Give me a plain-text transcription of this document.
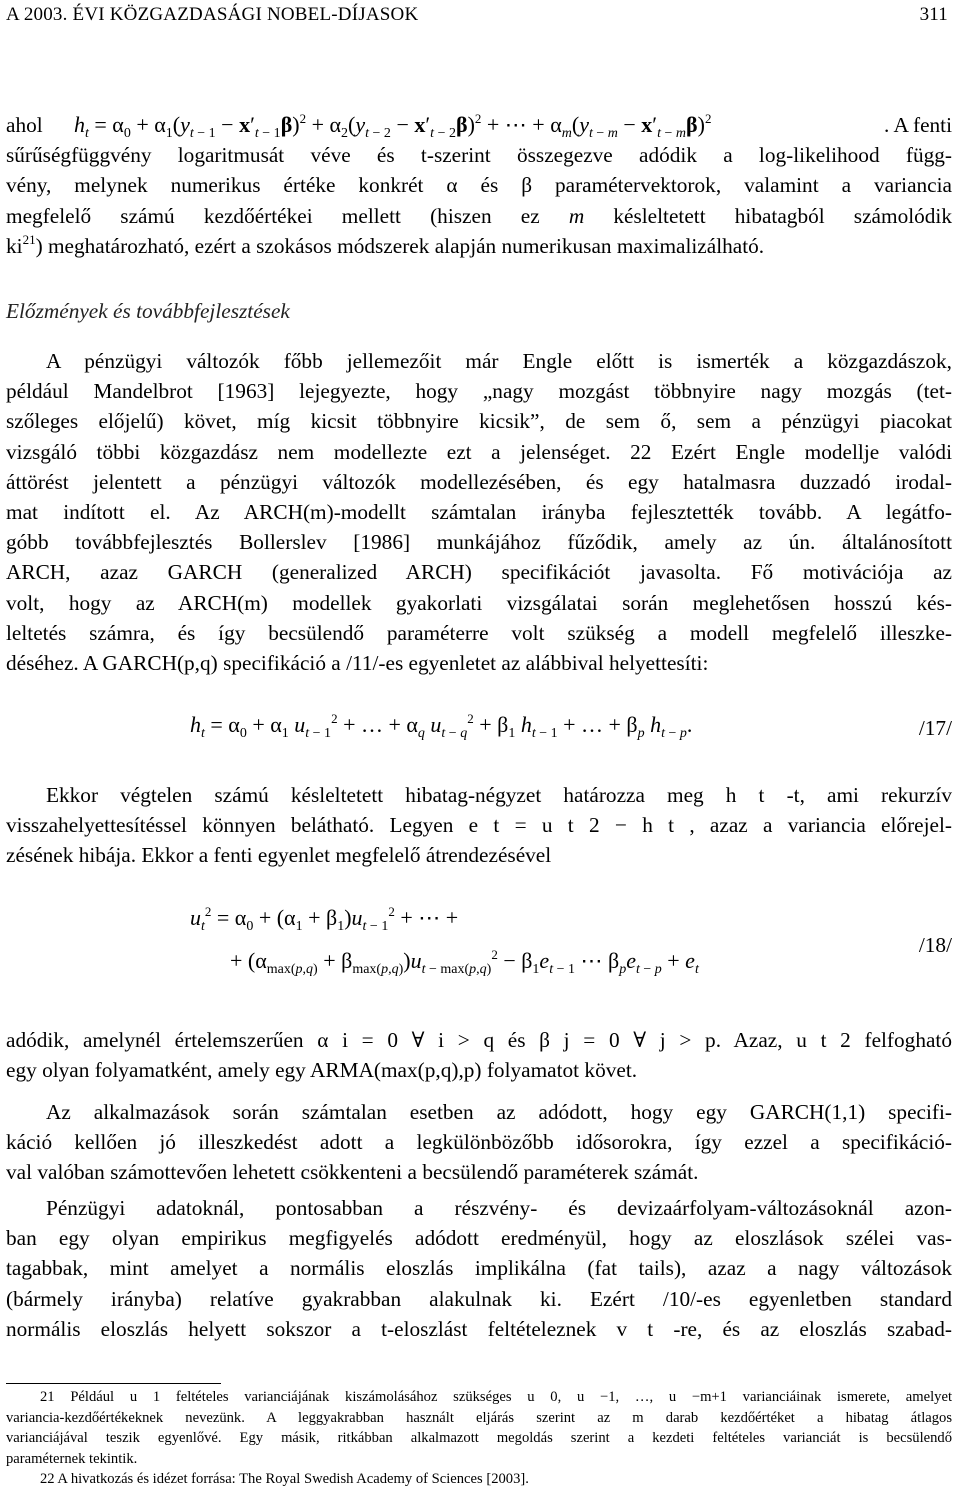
A 2003. ÉVI KÖZGAZDASÁGI NOBEL-DÍJASOK	311
ahol $h_t = \alpha_0 + \alpha_1(y_{t - 1} - x'_{t - 1}\beta)^2 + \alpha_2(y_{t - 2} - x'_{t - 2}\beta)^2$ + ⋯ + $\alpha_m(y_{t - m} - x'_{t - m}\beta)^2$	. A fenti
sűrűségfüggvény logaritmusát véve és t-szerint összegezve adódik a log-likelihood függ-
vény, melynek numerikus értéke konkrét α és β paramétervektorok, valamint a variancia
megfelelő számú kezdőértékei mellett (hiszen ez m késleltetett hibatagból számolódik
$ki^{21}$) meghatározható, ezért a szokásos módszerek alapján numerikusan maximalizálható.
Előzmények és továbbfejlesztések
A pénzügyi változók főbb jellemezőit már Engle előtt is ismerték a közgazdászok,
például Mandelbrot [1963] lejegyezte, hogy „nagy mozgást többnyire nagy mozgás (tet-
szőleges előjelű) követ, míg kicsit többnyire kicsik”, de sem ő, sem a pénzügyi piacokat
vizsgáló többi közgazdász nem modellezte ezt a jelenséget. 22 Ezért Engle modellje valódi
áttörést jelentett a pénzügyi változók modellezésében, és egy hatalmasra duzzadó irodal-
mat indított el. Az ARCH(m)-modellt számtalan irányba fejlesztették tovább. A legátfo-
góbb továbbfejlesztés Bollerslev [1986] munkájához fűződik, amely az ún. általánosított
ARCH, azaz GARCH (generalized ARCH) specifikációt javasolta. Fő motivációja az
volt, hogy az ARCH(m) modellek gyakorlati vizsgálatai során meglehetősen hosszú kés-
leltetés számra, és így becsülendő paraméterre volt szükség a modell megfelelő illeszke-
déséhez. A GARCH(p,q) specifikáció a /11/-es egyenletet az alábbival helyettesíti:
$h_t = \alpha_0 + \alpha_1$ $u_{t - 1}^2$ + … + $\alpha_q$ $u_{t - q}^2 + \beta_1$ $h_{t - 1}$ + … + $\beta_p$ $h_{t - p}$.	/17/
Ekkor végtelen számú késleltetett hibatag-négyzet határozza meg h t -t, ami rekurzív
visszahelyettesítéssel könnyen belátható. Legyen e t = u t 2 − h t , azaz a variancia előrejel-
zésének hibája. Ekkor a fenti egyenlet megfelelő átrendezésével
$u_t^2 = \alpha_0 + (\alpha_1 + \beta_1)u_{t - 1}^2$ + ⋯ +
+ $(\alpha_{max(p,q)} + \beta_{max(p,q)})u_{t - max(p,q)}^2 - \beta_1e_{t - 1}$ ⋯ $\beta_pe_{t - p} + e_t$
/18/
adódik, amelynél értelemszerűen α i = 0 ∀ i > q és β j = 0 ∀ j > p. Azaz, u t 2 felfogható
egy olyan folyamatként, amely egy ARMA(max(p,q),p) folyamatot követ.
Az alkalmazások során számtalan esetben az adódott, hogy egy GARCH(1,1) specifi-
káció kellően jó illeszkedést adott a legkülönbözőbb idősorokra, így ezzel a specifikáció-
val valóban számottevően lehetett csökkenteni a becsülendő paraméterek számát.
Pénzügyi adatoknál, pontosabban a részvény- és devizaárfolyam-változásoknál azon-
ban egy olyan empirikus megfigyelés adódott eredményül, hogy az eloszlások szélei vas-
tagabbak, mint amelyet a normális eloszlás implikálna (fat tails), azaz a nagy változások
(bármely irányba) relatíve gyakrabban alakulnak ki. Ezért /10/-es egyenletben standard
normális eloszlás helyett sokszor a t-eloszlást feltételeznek v t -re, és az eloszlás szabad-
21 Például u 1 feltételes varianciájának kiszámolásához szükséges u 0, u −1, …, u −m+1 varianciáinak ismerete, amelyet
variancia-kezdőértékeknek nevezünk. A leggyakrabban használt eljárás szerint az m darab kezdőértéket a hibatag átlagos
varianciájával teszik egyenlővé. Egy másik, ritkábban alkalmazott megoldás szerint a kezdeti feltételes varianciát is becsülendő
paraméternek tekintik.
22 A hivatkozás és idézet forrása: The Royal Swedish Academy of Sciences [2003].
